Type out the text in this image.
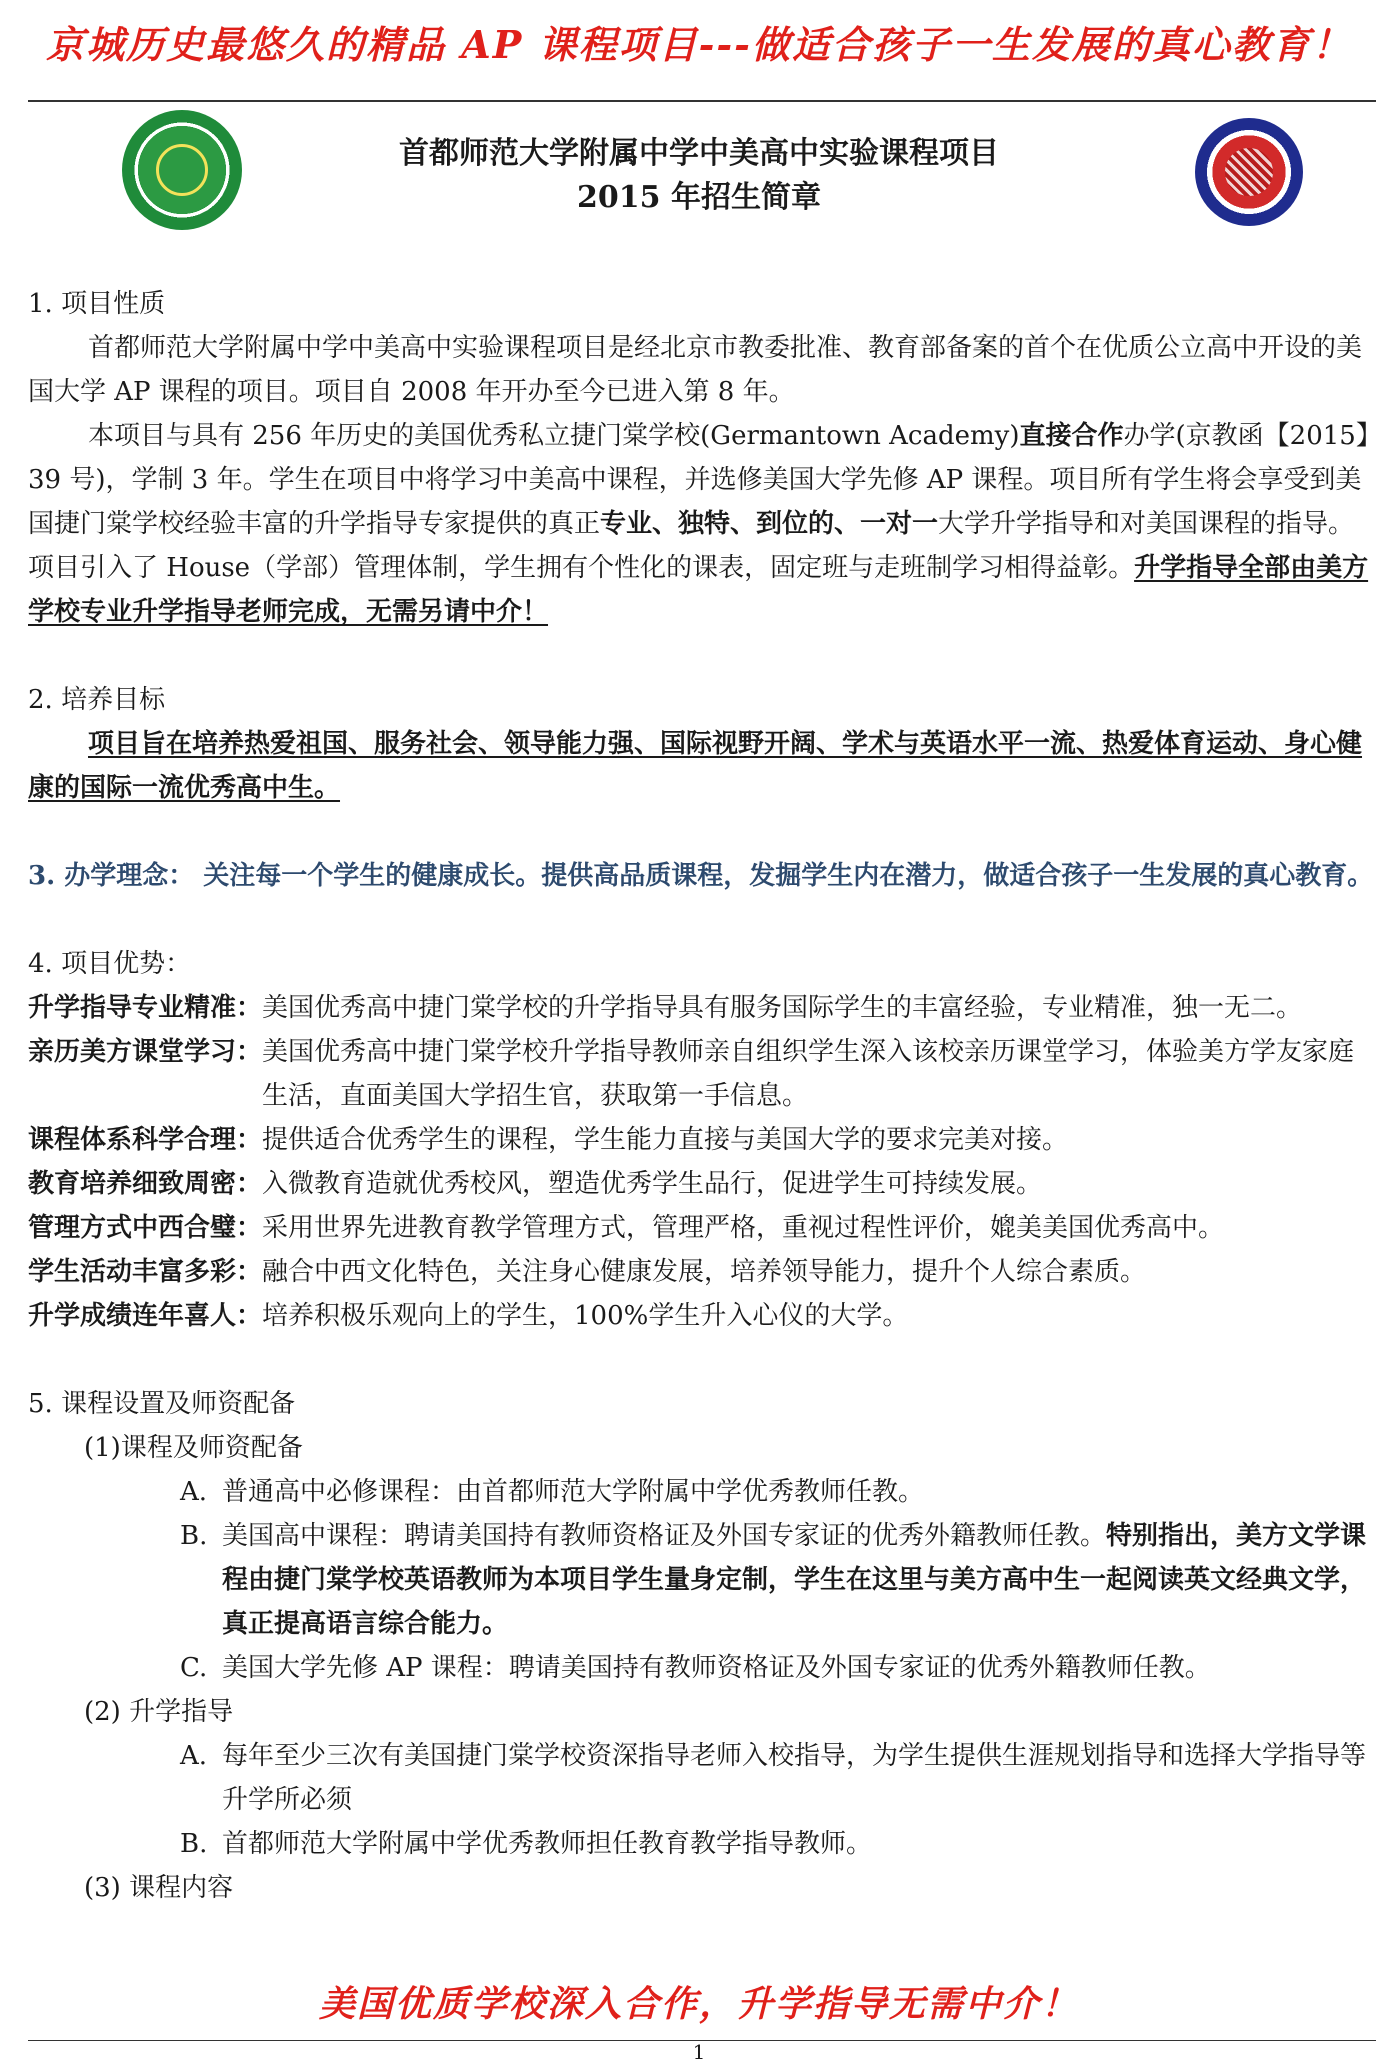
京城历史最悠久的精品 AP 课程项目---做适合孩子一生发展的真心教育！
首都师范大学附属中学中美高中实验课程项目
2015 年招生简章

1. 项目性质

首都师范大学附属中学中美高中实验课程项目是经北京市教委批准、教育部备案的首个在优质公立高中开设的美国大学 AP 课程的项目。项目自 2008 年开办至今已进入第 8 年。

本项目与具有 256 年历史的美国优秀私立捷门棠学校(Germantown Academy)直接合作办学(京教函【2015】39 号)，学制 3 年。学生在项目中将学习中美高中课程，并选修美国大学先修 AP 课程。项目所有学生将会享受到美国捷门棠学校经验丰富的升学指导专家提供的真正专业、独特、到位的、一对一大学升学指导和对美国课程的指导。项目引入了 House（学部）管理体制，学生拥有个性化的课表，固定班与走班制学习相得益彰。升学指导全部由美方学校专业升学指导老师完成，无需另请中介！

2. 培养目标

项目旨在培养热爱祖国、服务社会、领导能力强、国际视野开阔、学术与英语水平一流、热爱体育运动、身心健康的国际一流优秀高中生。

3. 办学理念： 关注每一个学生的健康成长。提供高品质课程，发掘学生内在潜力，做适合孩子一生发展的真心教育。

4. 项目优势：

升学指导专业精准： 美国优秀高中捷门棠学校的升学指导具有服务国际学生的丰富经验，专业精准，独一无二。
亲历美方课堂学习： 美国优秀高中捷门棠学校升学指导教师亲自组织学生深入该校亲历课堂学习，体验美方学友家庭生活，直面美国大学招生官，获取第一手信息。
课程体系科学合理： 提供适合优秀学生的课程，学生能力直接与美国大学的要求完美对接。
教育培养细致周密： 入微教育造就优秀校风，塑造优秀学生品行，促进学生可持续发展。
管理方式中西合璧： 采用世界先进教育教学管理方式，管理严格，重视过程性评价，媲美美国优秀高中。
学生活动丰富多彩： 融合中西文化特色，关注身心健康发展，培养领导能力，提升个人综合素质。
升学成绩连年喜人： 培养积极乐观向上的学生，100%学生升入心仪的大学。

5. 课程设置及师资配备

(1)课程及师资配备

A. 普通高中必修课程：由首都师范大学附属中学优秀教师任教。
B. 美国高中课程：聘请美国持有教师资格证及外国专家证的优秀外籍教师任教。特别指出，美方文学课程由捷门棠学校英语教师为本项目学生量身定制，学生在这里与美方高中生一起阅读英文经典文学，真正提高语言综合能力。
C. 美国大学先修 AP 课程：聘请美国持有教师资格证及外国专家证的优秀外籍教师任教。

(2) 升学指导

A. 每年至少三次有美国捷门棠学校资深指导老师入校指导，为学生提供生涯规划指导和选择大学指导等升学所必须
B. 首都师范大学附属中学优秀教师担任教育教学指导教师。

(3) 课程内容

美国优质学校深入合作，升学指导无需中介！
1
